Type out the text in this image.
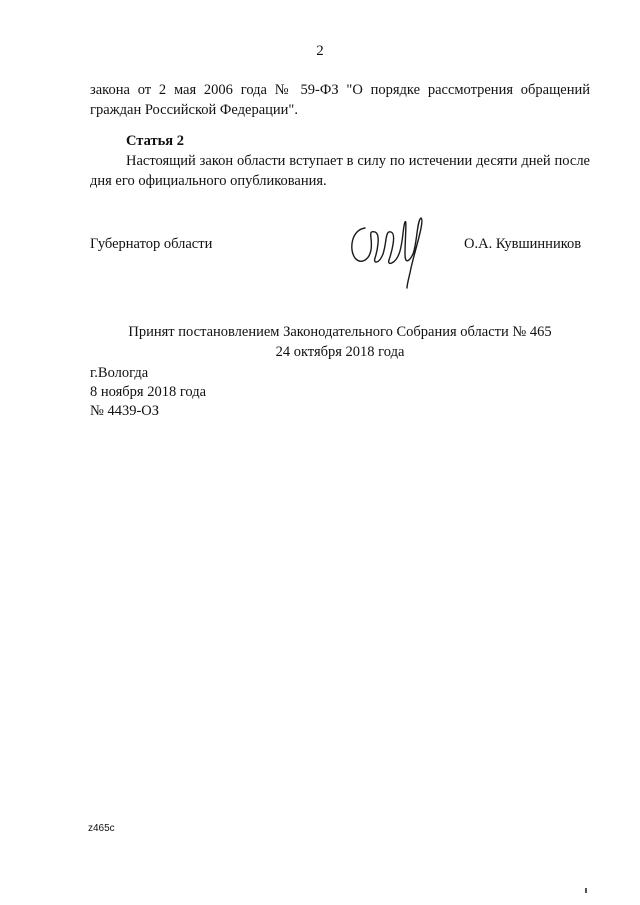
2
закона от 2 мая 2006 года № 59-ФЗ "О порядке рассмотрения обращений
граждан Российской Федерации".
Статья 2
Настоящий закон области вступает в силу по истечении десяти дней после дня его официального опубликования.
Губернатор области	О.А. Кувшинников
Принят постановлением Законодательного Собрания области № 465
24 октября 2018 года
г.Вологда
8 ноября 2018 года
№ 4439-ОЗ
z465c
